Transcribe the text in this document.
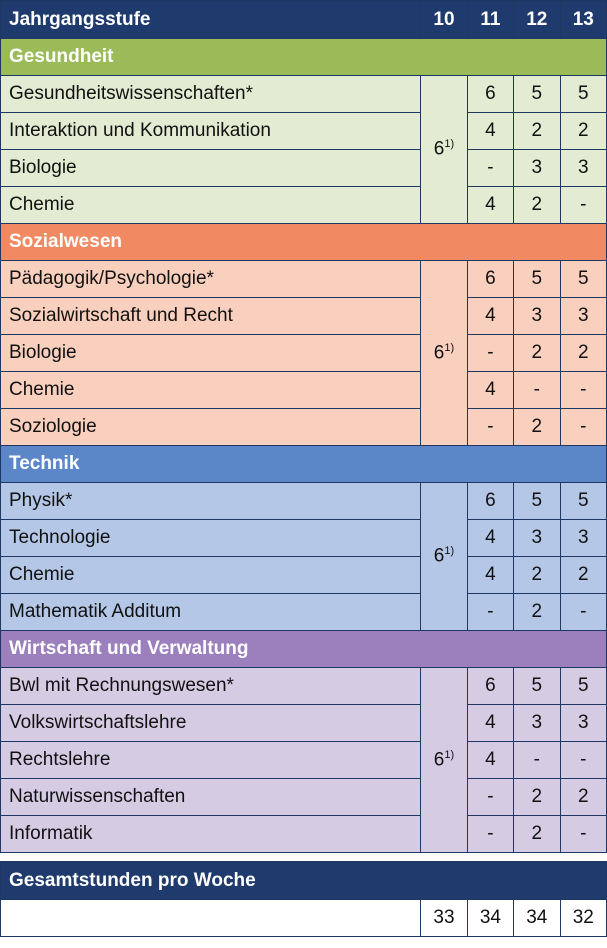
Jahrgangsstufe	10	11	12	13
Gesundheit				
Gesundheitswissenschaften*	6$^{1)}$	6	5	5
Interaktion und Kommunikation		4	2	2
Biologie		-	3	3
Chemie		4	2	-
Sozialwesen				
Pädagogik/Psychologie*	6$^{1)}$	6	5	5
Sozialwirtschaft und Recht		4	3	3
Biologie		-	2	2
Chemie		4	-	-
Soziologie		-	2	-
Technik				
Physik*	6$^{1)}$	6	5	5
Technologie		4	3	3
Chemie		4	2	2
Mathematik Additum		-	2	-
Wirtschaft und Verwaltung				
Bwl mit Rechnungswesen*	6$^{1)}$	6	5	5
Volkswirtschaftslehre		4	3	3
Rechtslehre		4	-	-
Naturwissenschaften		-	2	2
Informatik		-	2	-

Gesamtstunden pro Woche				
	33	34	34	32
